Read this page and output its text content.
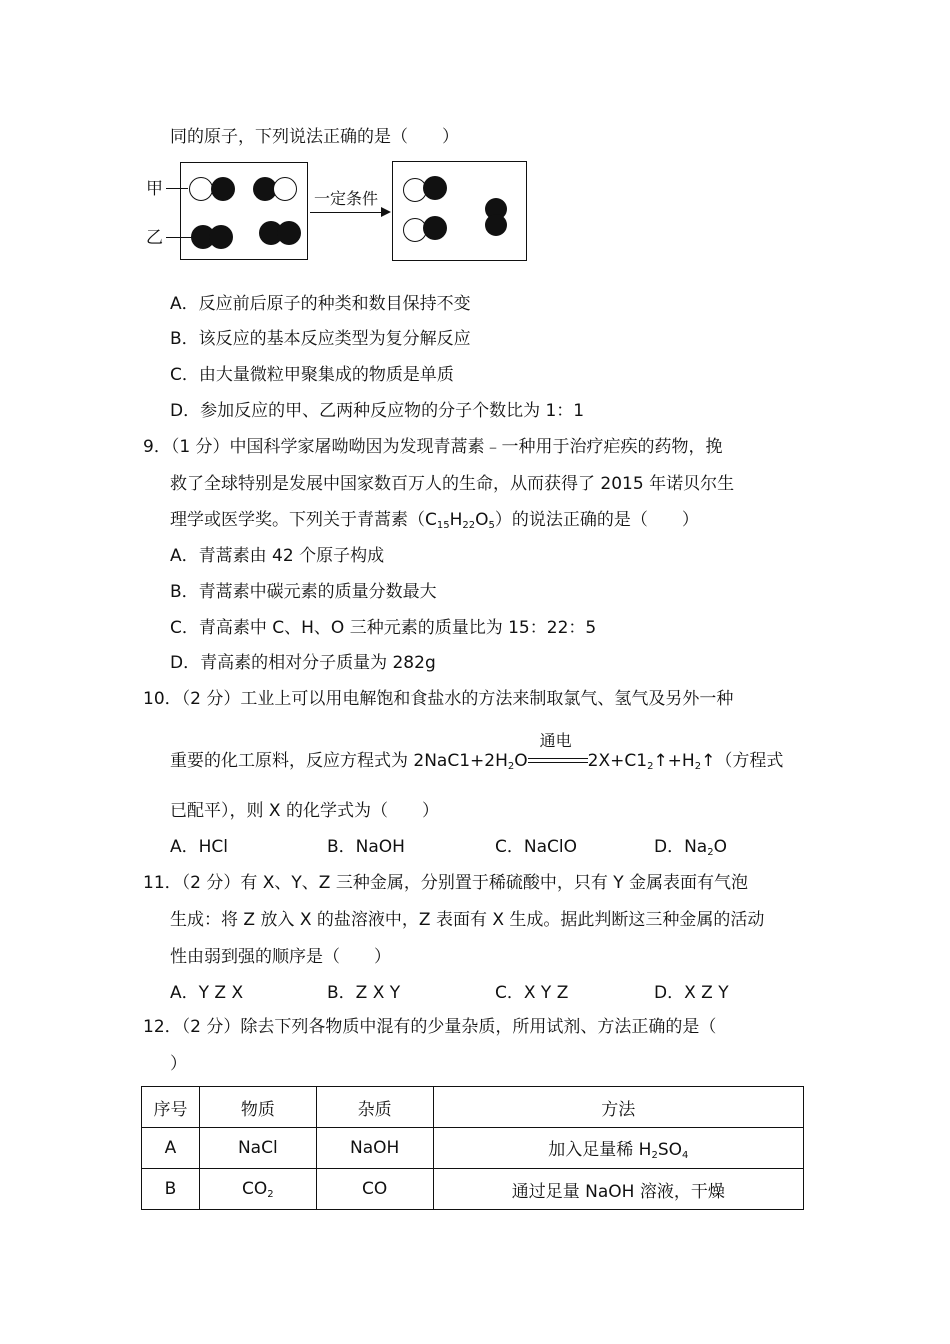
同的原子，下列说法正确的是（　　）
甲
乙
一定条件
A．反应前后原子的种类和数目保持不变
B．该反应的基本反应类型为复分解反应
C．由大量微粒甲聚集成的物质是单质
D．参加反应的甲、乙两种反应物的分子个数比为 1：1
9．（1 分）中国科学家屠呦呦因为发现青蒿素﹣一种用于治疗疟疾的药物，挽
救了全球特别是发展中国家数百万人的生命，从而获得了 2015 年诺贝尔生
理学或医学奖。下列关于青蒿素$(C_{15}H_{22}O_5)$的说法正确的是（　　）
A．青蒿素由 42 个原子构成
B．青蒿素中碳元素的质量分数最大
C．青高素中 C、H、O 三种元素的质量比为 15：22：5
D．青高素的相对分子质量为 282g
10．（2 分）工业上可以用电解饱和食盐水的方法来制取氯气、氢气及另外一种
重要的化工原料，反应方程式为 $2NaC1+2H_2O$
通电
$2X+C1_2↑+H_2↑$（方程式
已配平），则 X 的化学式为（　　）
A．HCl	B．NaOH	C．NaClO	D．$Na_2O$
11．（2 分）有 X、Y、Z 三种金属，分别置于稀硫酸中，只有 Y 金属表面有气泡
生成：将 Z 放入 X 的盐溶液中，Z 表面有 X 生成。据此判断这三种金属的活动
性由弱到强的顺序是（　　）
A．Y Z X	B．Z X Y	C．X Y Z	D．X Z Y
12．（2 分）除去下列各物质中混有的少量杂质，所用试剂、方法正确的是（
）
序号	物质	杂质	方法
A	NaCl	NaOH	加入足量稀 $H_2SO_4$
B	$CO_2$	CO	通过足量 NaOH 溶液，干燥
